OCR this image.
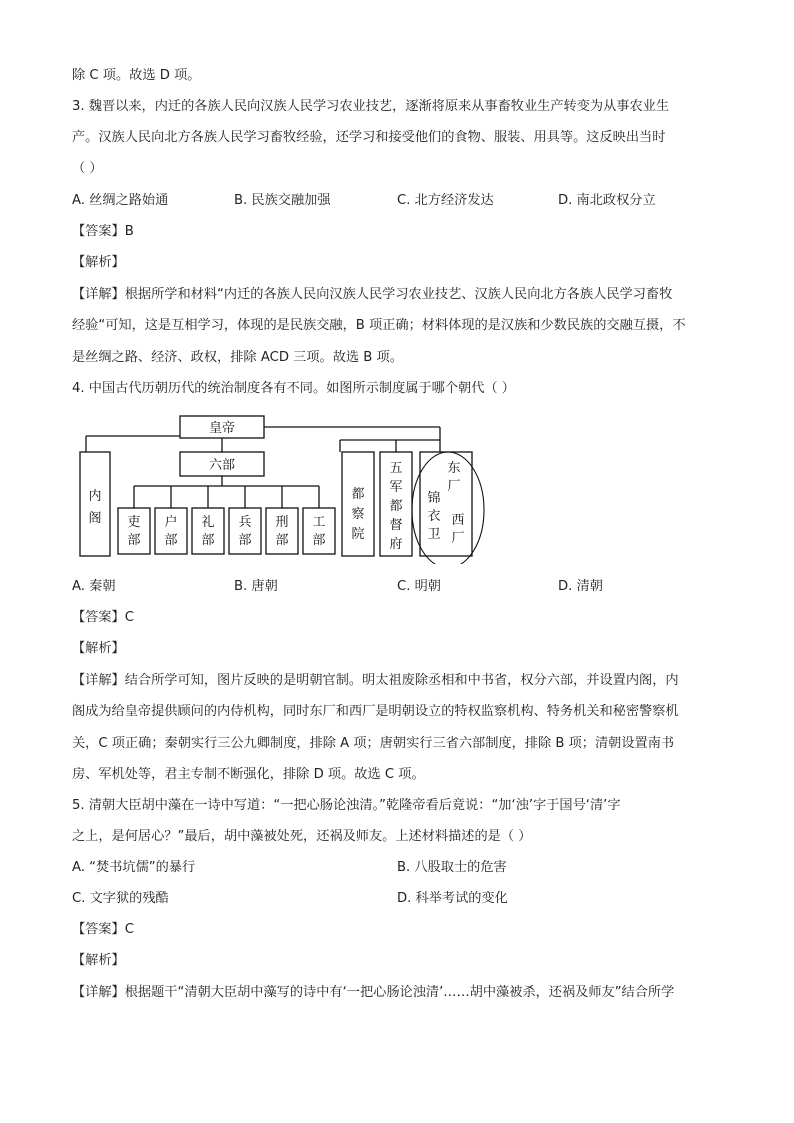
除 C 项。故选 D 项。
3. 魏晋以来，内迁的各族人民向汉族人民学习农业技艺，逐渐将原来从事畜牧业生产转变为从事农业生
产。汉族人民向北方各族人民学习畜牧经验，还学习和接受他们的食物、服装、用具等。这反映出当时
（ ）
A. 丝绸之路始通	B. 民族交融加强	C. 北方经济发达	D. 南北政权分立
【答案】B
【解析】
【详解】根据所学和材料“内迁的各族人民向汉族人民学习农业技艺、汉族人民向北方各族人民学习畜牧
经验“可知，这是互相学习，体现的是民族交融，B 项正确；材料体现的是汉族和少数民族的交融互摄，不
是丝绸之路、经济、政权，排除 ACD 三项。故选 B 项。
4. 中国古代历朝历代的统治制度各有不同。如图所示制度属于哪个朝代（ ）
皇帝
六部
内阁 吏部
户部
礼部
兵部
刑部
工部
都察院
五军都督府
东厂
锦衣卫
西厂
A. 秦朝	B. 唐朝	C. 明朝	D. 清朝
【答案】C
【解析】
【详解】结合所学可知，图片反映的是明朝官制。明太祖废除丞相和中书省，权分六部，并设置内阁，内
阁成为给皇帝提供顾问的内侍机构，同时东厂和西厂是明朝设立的特权监察机构、特务机关和秘密警察机
关，C 项正确；秦朝实行三公九卿制度，排除 A 项；唐朝实行三省六部制度，排除 B 项；清朝设置南书
房、军机处等，君主专制不断强化，排除 D 项。故选 C 项。
5. 清朝大臣胡中藻在一诗中写道：“一把心肠论浊清。”乾隆帝看后竟说：“加‘浊’字于国号‘清’字
之上，是何居心？”最后，胡中藻被处死，还祸及师友。上述材料描述的是（ ）
A. “焚书坑儒”的暴行	B. 八股取士的危害
C. 文字狱的残酷	D. 科举考试的变化
【答案】C
【解析】
【详解】根据题干“清朝大臣胡中藻写的诗中有‘一把心肠论浊清’……胡中藻被杀，还祸及师友”结合所学
